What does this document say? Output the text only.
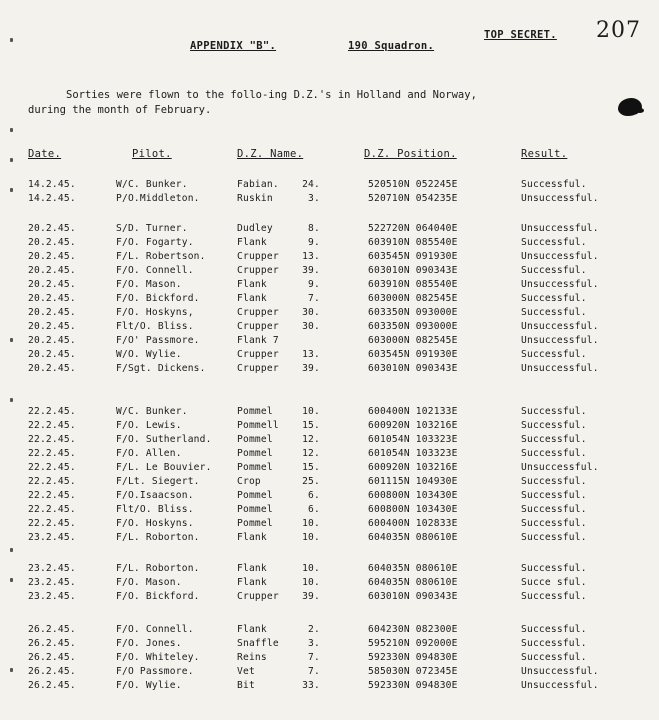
APPENDIX "B".	190 Squadron.
TOP SECRET. 207
Sorties were flown to the follo-ing D.Z.'s in Holland and Norway,
during the month of February.
Date.	Pilot.	D.Z. Name.	D.Z. Position.	Result.
14.2.45.	W/C. Bunker.	Fabian.	24.	520510N 052245E	Successful.
14.2.45.	P/O.Middleton.	Ruskin	3.	520710N 054235E	Unsuccessful.
20.2.45.	S/D. Turner.	Dudley	8.	522720N 064040E	Unsuccessful.
20.2.45.	F/O. Fogarty.	Flank	9.	603910N 085540E	Successful.
20.2.45.	F/L. Robertson.	Crupper	13.	603545N 091930E	Unsuccessful.
20.2.45.	F/O. Connell.	Crupper	39.	603010N 090343E	Successful.
20.2.45.	F/O. Mason.	Flank	9.	603910N 085540E	Unsuccessful.
20.2.45.	F/O. Bickford.	Flank	7.	603000N 082545E	Successful.
20.2.45.	F/O. Hoskyns,	Crupper	30.	603350N 093000E	Successful.
20.2.45.	Flt/O. Bliss.	Crupper	30.	603350N 093000E	Unsuccessful.
20.2.45.	F/O' Passmore.	Flank 7	603000N 082545E	Unsuccessful.
20.2.45.	W/O. Wylie.	Crupper	13.	603545N 091930E	Successful.
20.2.45.	F/Sgt. Dickens.	Crupper	39.	603010N 090343E	Unsuccessful.
22.2.45.	W/C. Bunker.	Pommel	10.	600400N 102133E	Successful.
22.2.45.	F/O. Lewis.	Pommell	15.	600920N 103216E	Successful.
22.2.45.	F/O. Sutherland.	Pommel	12.	601054N 103323E	Successful.
22.2.45.	F/O. Allen.	Pommel	12.	601054N 103323E	Successful.
22.2.45.	F/L. Le Bouvier.	Pommel	15.	600920N 103216E	Unsuccessful.
22.2.45.	F/Lt. Siegert.	Crop	25.	601115N 104930E	Successful.
22.2.45.	F/O.Isaacson.	Pommel	6.	600800N 103430E	Successful.
22.2.45.	Flt/O. Bliss.	Pommel	6.	600800N 103430E	Successful.
22.2.45.	F/O. Hoskyns.	Pommel	10.	600400N 102833E	Successful.
23.2.45.	F/L. Roborton.	Flank	10.	604035N 080610E	Successful.
23.2.45.	F/L. Roborton.	Flank	10.	604035N 080610E	Successful.
23.2.45.	F/O. Mason.	Flank	10.	604035N 080610E	Succe sful.
23.2.45.	F/O. Bickford.	Crupper	39.	603010N 090343E	Successful.
26.2.45.	F/O. Connell.	Flank	2.	604230N 082300E	Successful.
26.2.45.	F/O. Jones.	Snaffle	3.	595210N 092000E	Successful.
26.2.45.	F/O. Whiteley.	Reins	7.	592330N 094830E	Successful.
26.2.45.	F/O Passmore.	Vet	7.	585030N 072345E	Unsuccessful.
26.2.45.	F/O. Wylie.	Bit	33.	592330N 094830E	Unsuccessful.
